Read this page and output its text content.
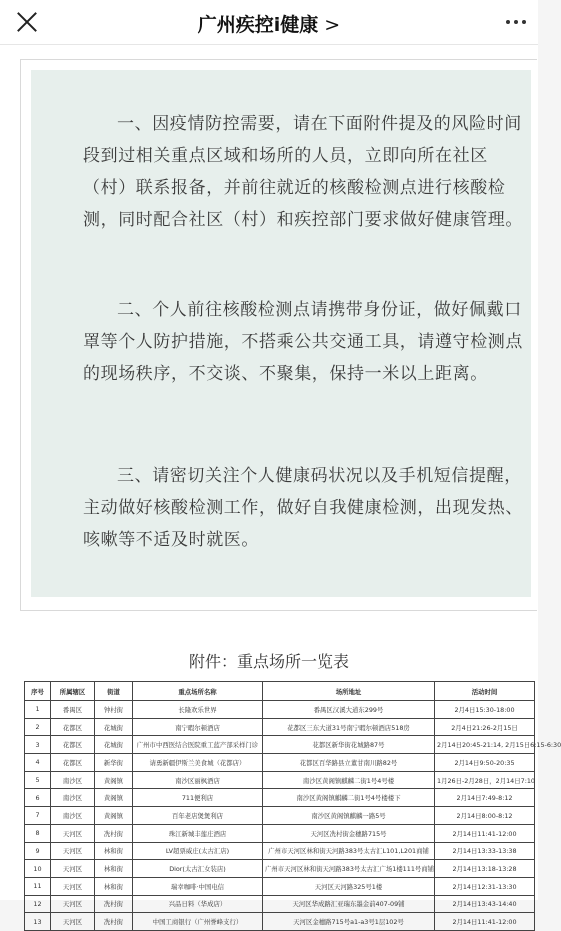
广州疾控i健康 >
一、因疫情防控需要，请在下面附件提及的风险时间段到过相关重点区域和场所的人员，立即向所在社区（村）联系报备，并前往就近的核酸检测点进行核酸检测，同时配合社区（村）和疾控部门要求做好健康管理。
二、个人前往核酸检测点请携带身份证，做好佩戴口罩等个人防护措施，不搭乘公共交通工具，请遵守检测点的现场秩序，不交谈、不聚集，保持一米以上距离。
三、请密切关注个人健康码状况以及手机短信提醒，主动做好核酸检测工作，做好自我健康检测，出现发热、咳嗽等不适及时就医。
附件：重点场所一览表
序号	所属辖区	街道	重点场所名称	场所地址	活动时间
1	番禺区	钟村街	长隆欢乐世界	番禺区汉溪大道东299号	2月4日15:30-18:00
2	花都区	花城街	南宁暇尔顿酒店	花都区三东大道31号南宁暇尔顿酒店518房	2月4日21:26-2月15日
3	花都区	花城街	广州市中西医结合医院重工蓝产部采样门诊	花都区新华街花城路87号	2月14日20:45-21:14, 2月15日6:15-6:30
4	花都区	新华街	请勇新疆伊斯兰美食城（花都店）	花都区百华路县立董甘南川路82号	2月14日9:50-20:35
5	南沙区	黄阁镇	南沙区丽枫酒店	南沙区黄阁镇麒麟二街1号4号楼	1月26日-2月28日，2月14日7:10
6	南沙区	黄阁镇	711便利店	南沙区黄阁镇麒麟二街1号4号楼楼下	2月14日7:49-8:12
7	南沙区	黄阁镇	百年老店煲煲利店	南沙区黄阁镇麒麟一路5号	2月14日8:00-8:12
8	天河区	冼村街	珠江新城丰莲庄酒店	天河区冼村街金穗路715号	2月14日11:41-12:00
9	天河区	林和街	LV超票威庄(太古汇店)	广州市天河区林和街天河路383号太古汇L101,L201商铺	2月14日13:33-13:38
10	天河区	林和街	Dior(太古汇女装店)	广州市天河区林和街天河路383号太古汇广场1楼111号商铺	2月14日13:18-13:28
11	天河区	林和街	瑞幸咖啡·中国电信	天河区天河路325号1楼	2月14日12:31-13:30
12	天河区	冼村街	兴品日料（华成店）	天河区华成路汇亚瑞东墨金前407-09铺	2月14日13:43-14:40
13	天河区	冼村街	中国工商银行（广州誉峰支行）	天河区金穗路715号a1-a3号1层102号	2月14日11:41-12:00
